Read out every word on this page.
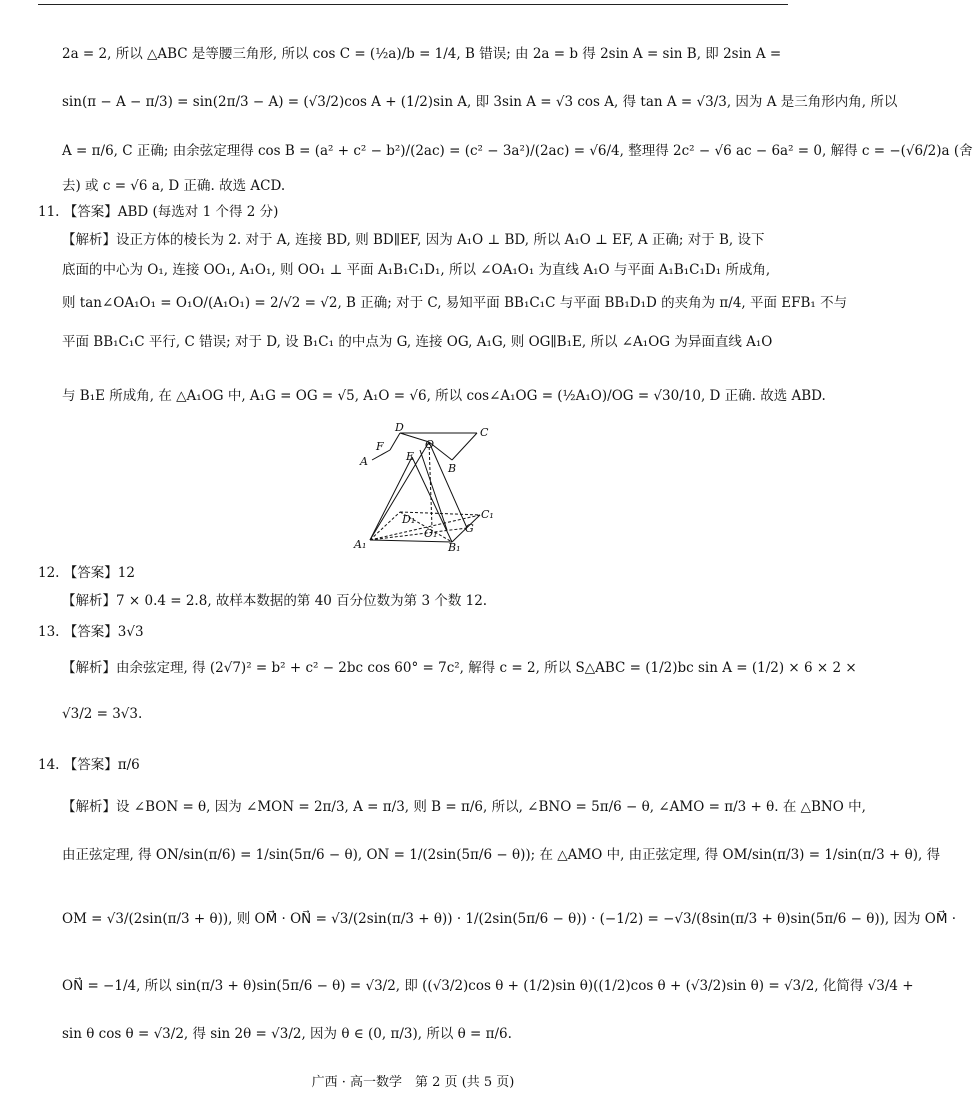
2a = 2, 所以 △ABC 是等腰三角形, 所以 cos C = (½a)/b = 1/4, B 错误; 由 2a = b 得 2sin A = sin B, 即 2sin A =
sin(π − A − π/3) = sin(2π/3 − A) = (√3/2)cos A + (1/2)sin A, 即 3sin A = √3 cos A, 得 tan A = √3/3, 因为 A 是三角形内角, 所以
A = π/6, C 正确; 由余弦定理得 cos B = (a² + c² − b²)/(2ac) = (c² − 3a²)/(2ac) = √6/4, 整理得 2c² − √6 ac − 6a² = 0, 解得 c = −(√6/2)a (舍
去) 或 c = √6 a, D 正确. 故选 ACD.
11. 【答案】ABD (每选对 1 个得 2 分)
【解析】设正方体的棱长为 2. 对于 A, 连接 BD, 则 BD∥EF, 因为 A₁O ⊥ BD, 所以 A₁O ⊥ EF, A 正确; 对于 B, 设下
底面的中心为 O₁, 连接 OO₁, A₁O₁, 则 OO₁ ⊥ 平面 A₁B₁C₁D₁, 所以 ∠OA₁O₁ 为直线 A₁O 与平面 A₁B₁C₁D₁ 所成角,
则 tan∠OA₁O₁ = O₁O/(A₁O₁) = 2/√2 = √2, B 正确; 对于 C, 易知平面 BB₁C₁C 与平面 BB₁D₁D 的夹角为 π/4, 平面 EFB₁ 不与
平面 BB₁C₁C 平行, C 错误; 对于 D, 设 B₁C₁ 的中点为 G, 连接 OG, A₁G, 则 OG∥B₁E, 所以 ∠A₁OG 为异面直线 A₁O
与 B₁E 所成角, 在 △A₁OG 中, A₁G = OG = √5, A₁O = √6, 所以 cos∠A₁OG = (½A₁O)/OG = √30/10, D 正确. 故选 ABD.
D
O
C
F
A	E
B
C₁
D₁
O₁	G
A₁	B₁
12. 【答案】12
【解析】7 × 0.4 = 2.8, 故样本数据的第 40 百分位数为第 3 个数 12.
13. 【答案】3√3
【解析】由余弦定理, 得 (2√7)² = b² + c² − 2bc cos 60° = 7c², 解得 c = 2, 所以 S△ABC = (1/2)bc sin A = (1/2) × 6 × 2 ×
√3/2 = 3√3.
14. 【答案】π/6
【解析】设 ∠BON = θ, 因为 ∠MON = 2π/3, A = π/3, 则 B = π/6, 所以, ∠BNO = 5π/6 − θ, ∠AMO = π/3 + θ. 在 △BNO 中,
由正弦定理, 得 ON/sin(π/6) = 1/sin(5π/6 − θ), ON = 1/(2sin(5π/6 − θ)); 在 △AMO 中, 由正弦定理, 得 OM/sin(π/3) = 1/sin(π/3 + θ), 得
OM = √3/(2sin(π/3 + θ)), 则 OM⃗ · ON⃗ = √3/(2sin(π/3 + θ)) · 1/(2sin(5π/6 − θ)) · (−1/2) = −√3/(8sin(π/3 + θ)sin(5π/6 − θ)), 因为 OM⃗ ·
ON⃗ = −1/4, 所以 sin(π/3 + θ)sin(5π/6 − θ) = √3/2, 即 ((√3/2)cos θ + (1/2)sin θ)((1/2)cos θ + (√3/2)sin θ) = √3/2, 化简得 √3/4 +
sin θ cos θ = √3/2, 得 sin 2θ = √3/2, 因为 θ ∈ (0, π/3), 所以 θ = π/6.
广西 · 高一数学　第 2 页 (共 5 页)
